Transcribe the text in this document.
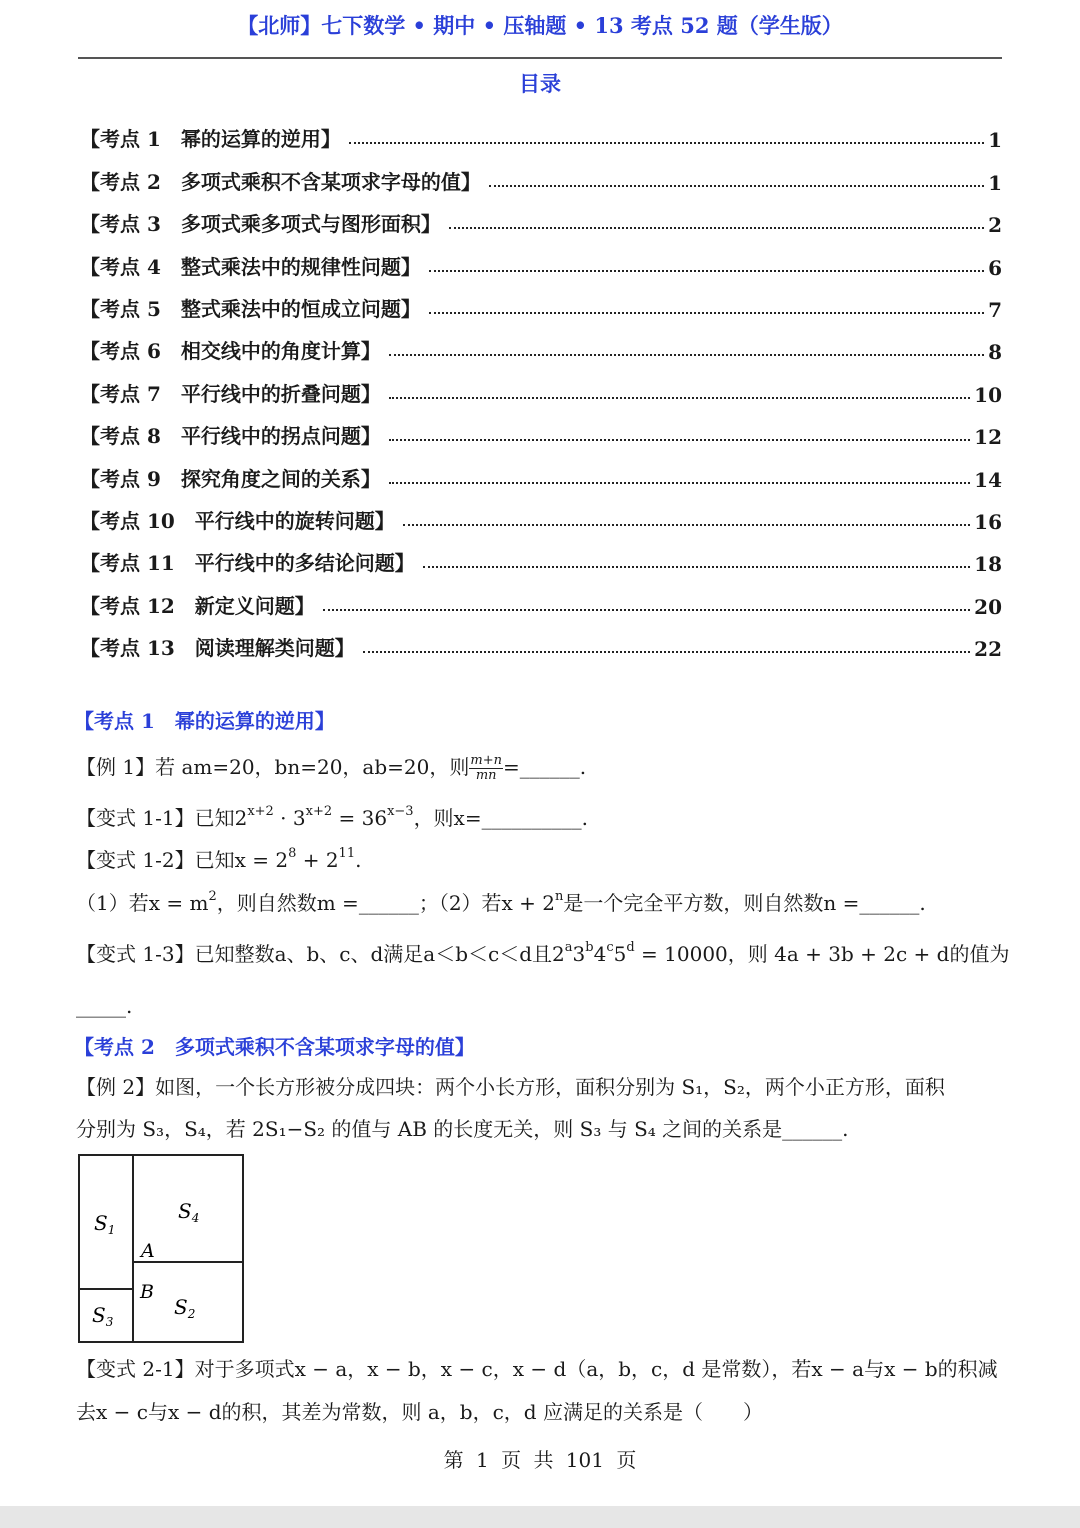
【北师】七下数学 • 期中 • 压轴题 • 13 考点 52 题（学生版）
目录
【考点 1　幂的运算的逆用】	1
【考点 2　多项式乘积不含某项求字母的值】	1
【考点 3　多项式乘多项式与图形面积】	2
【考点 4　整式乘法中的规律性问题】	6
【考点 5　整式乘法中的恒成立问题】	7
【考点 6　相交线中的角度计算】	8
【考点 7　平行线中的折叠问题】	10
【考点 8　平行线中的拐点问题】	12
【考点 9　探究角度之间的关系】	14
【考点 10　平行线中的旋转问题】	16
【考点 11　平行线中的多结论问题】	18
【考点 12　新定义问题】	20
【考点 13　阅读理解类问题】	22
【考点 1　幂的运算的逆用】
【例 1】若 am=20，bn=20，ab=20，则 $\frac{m+n}{mn}$ =______.
【变式 1-1】已知$2^{x+2} \cdot 3^{x+2} = 36^{x-3}$，则x=__________.
【变式 1-2】已知$x = 2^8 + 2^{11}$.
（1）若$x = m^2$，则自然数m =______；（2）若$x + 2^n$是一个完全平方数，则自然数n =______.
【变式 1-3】已知整数a、b、c、d满足a＜b＜c＜d且$2^a3^b4^c5^d = 10000$，则 4a + 3b + 2c + d的值为
_____.
【考点 2　多项式乘积不含某项求字母的值】
【例 2】如图，一个长方形被分成四块：两个小长方形，面积分别为 S₁，S₂，两个小正方形，面积
分别为 S₃，S₄，若 2S₁−S₂ 的值与 AB 的长度无关，则 S₃ 与 S₄ 之间的关系是______.
$S_1$
$S_4$
A
B
$S_2$
$S_3$
【变式 2-1】对于多项式x − a，x − b，x − c，x − d（a，b，c，d 是常数），若x − a与x − b的积减
去x − c与x − d的积，其差为常数，则 a，b，c，d 应满足的关系是（　　）
第 1 页 共 101 页
